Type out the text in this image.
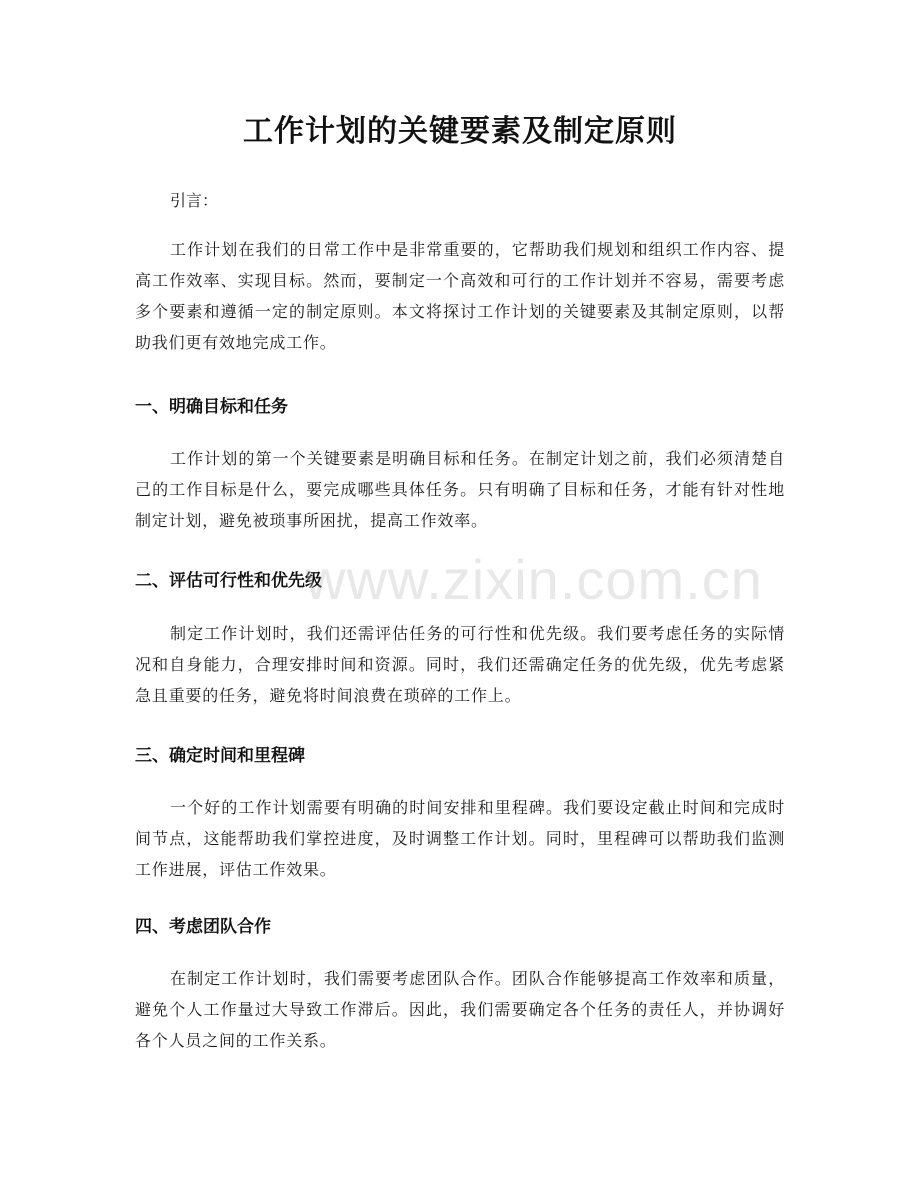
工作计划的关键要素及制定原则

引言：

工作计划在我们的日常工作中是非常重要的，它帮助我们规划和组织工作内容、提高工作效率、实现目标。然而，要制定一个高效和可行的工作计划并不容易，需要考虑多个要素和遵循一定的制定原则。本文将探讨工作计划的关键要素及其制定原则，以帮助我们更有效地完成工作。

一、明确目标和任务

工作计划的第一个关键要素是明确目标和任务。在制定计划之前，我们必须清楚自己的工作目标是什么，要完成哪些具体任务。只有明确了目标和任务，才能有针对性地制定计划，避免被琐事所困扰，提高工作效率。

二、评估可行性和优先级

制定工作计划时，我们还需评估任务的可行性和优先级。我们要考虑任务的实际情况和自身能力，合理安排时间和资源。同时，我们还需确定任务的优先级，优先考虑紧急且重要的任务，避免将时间浪费在琐碎的工作上。

三、确定时间和里程碑

一个好的工作计划需要有明确的时间安排和里程碑。我们要设定截止时间和完成时间节点，这能帮助我们掌控进度，及时调整工作计划。同时，里程碑可以帮助我们监测工作进展，评估工作效果。

四、考虑团队合作

在制定工作计划时，我们需要考虑团队合作。团队合作能够提高工作效率和质量，避免个人工作量过大导致工作滞后。因此，我们需要确定各个任务的责任人，并协调好各个人员之间的工作关系。

www.zixin.com.cn
